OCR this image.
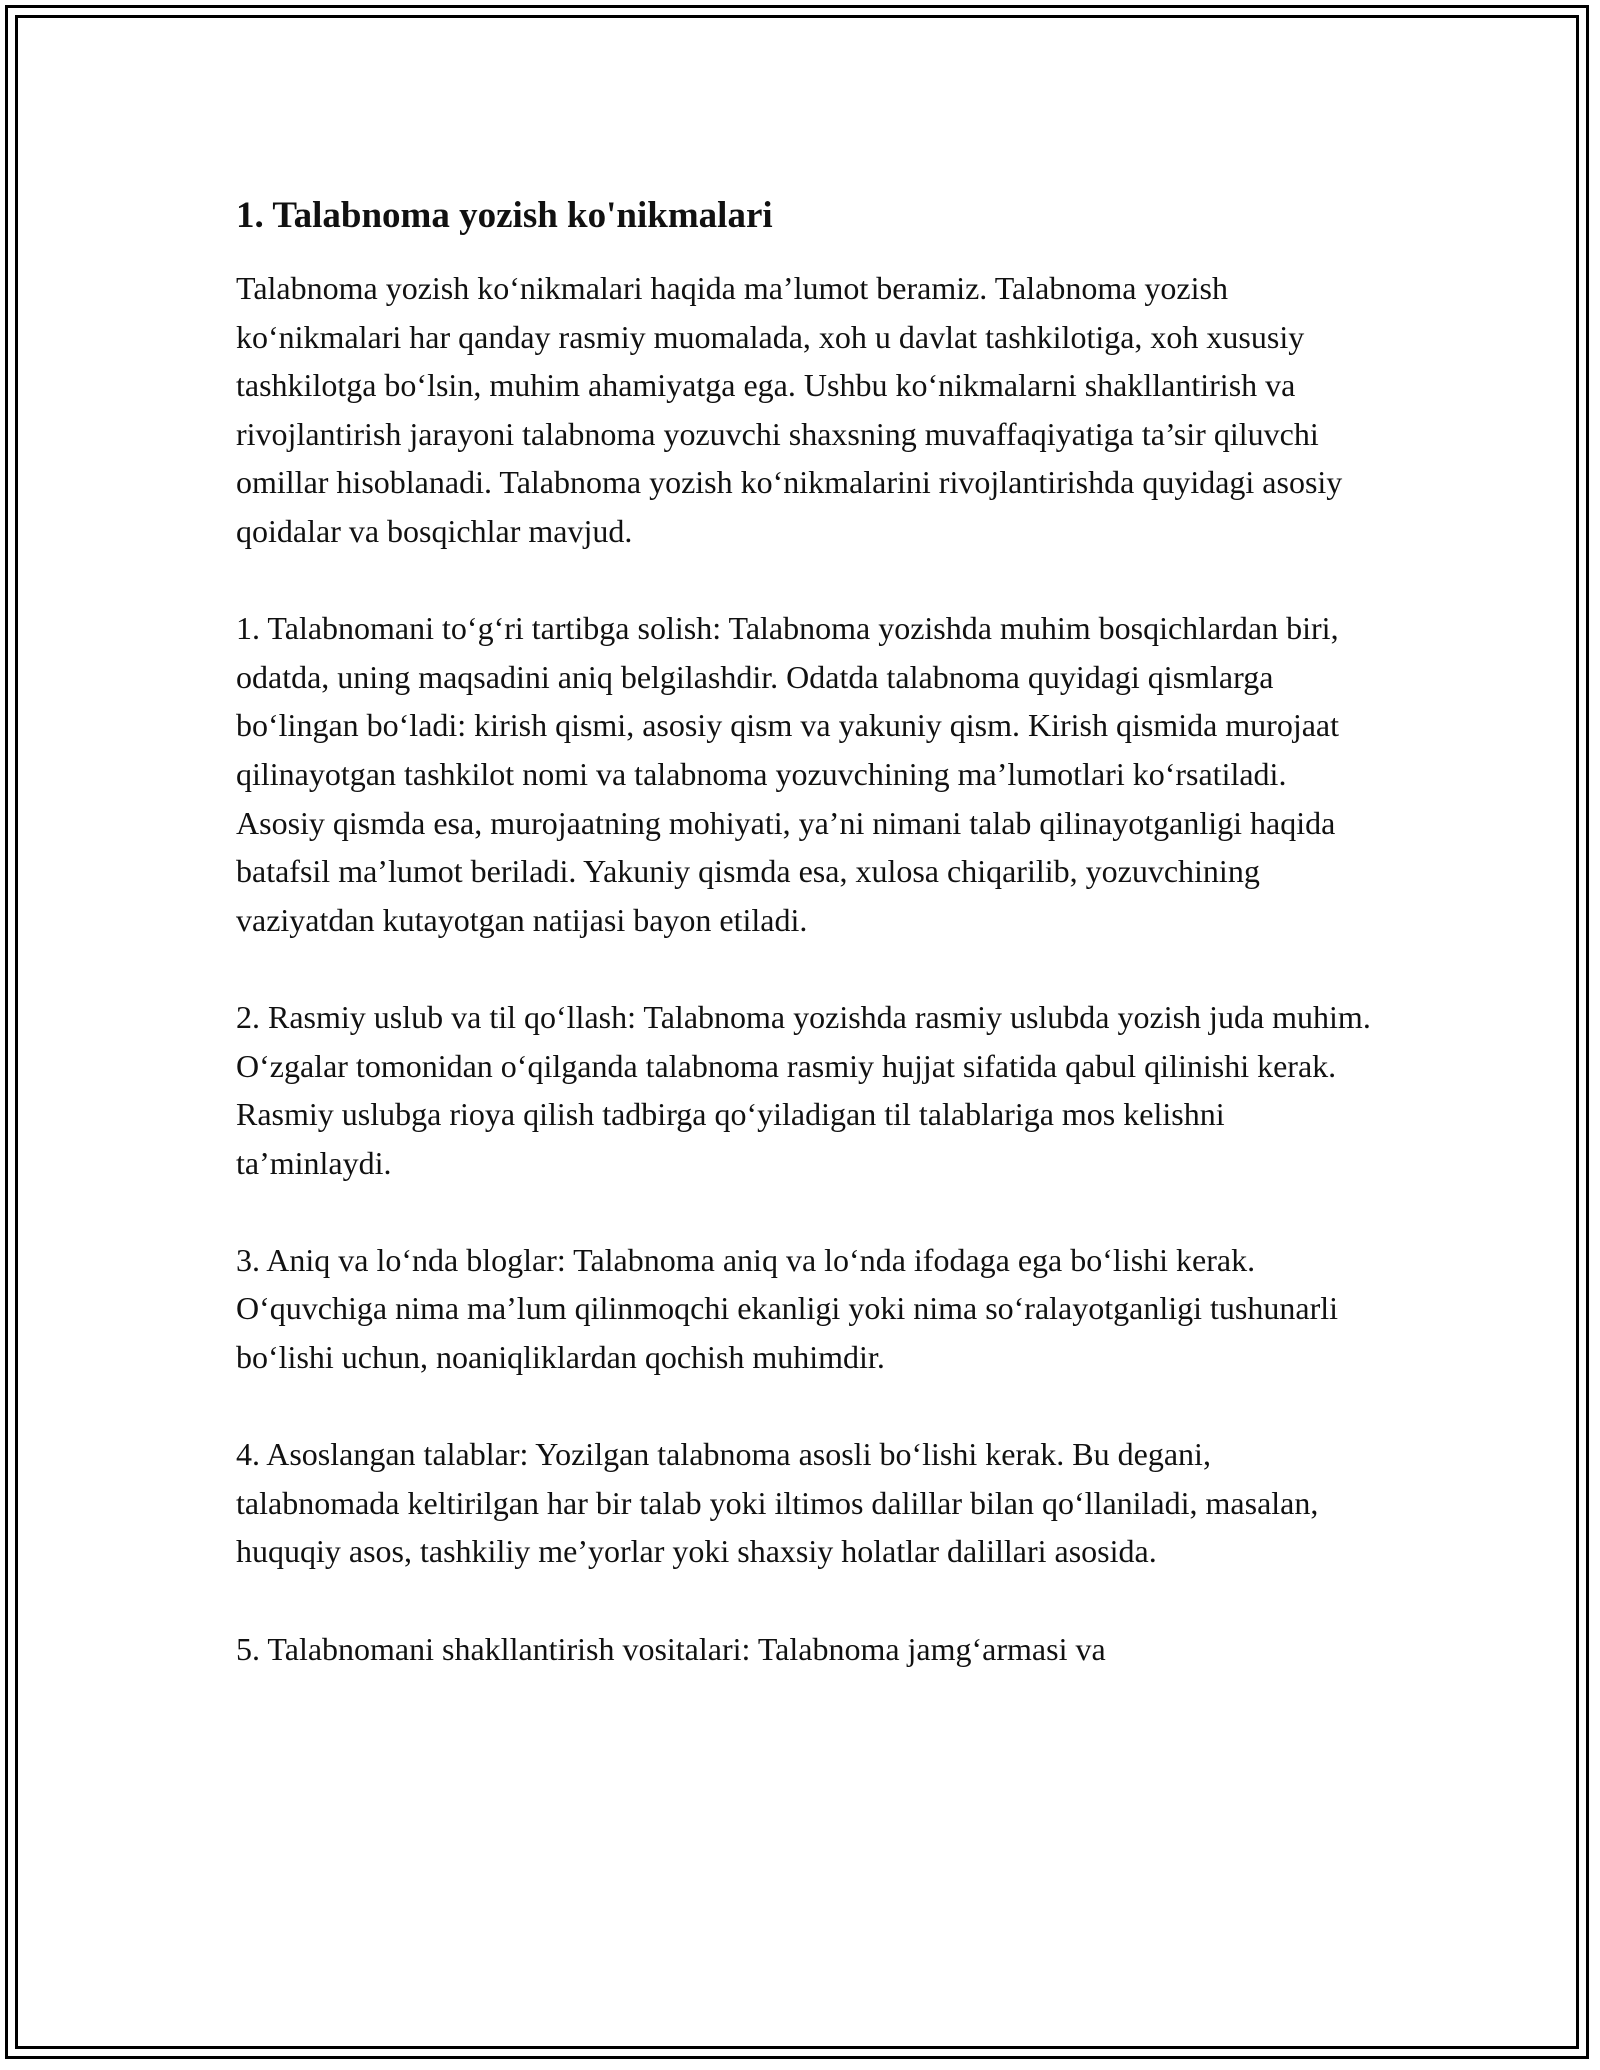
1. Talabnoma yozish ko'nikmalari

Talabnoma yozish ko‘nikmalari haqida ma’lumot beramiz. Talabnoma yozish ko‘nikmalari har qanday rasmiy muomalada, xoh u davlat tashkilotiga, xoh xususiy tashkilotga bo‘lsin, muhim ahamiyatga ega. Ushbu ko‘nikmalarni shakllantirish va rivojlantirish jarayoni talabnoma yozuvchi shaxsning muvaffaqiyatiga ta’sir qiluvchi omillar hisoblanadi. Talabnoma yozish ko‘nikmalarini rivojlantirishda quyidagi asosiy qoidalar va bosqichlar mavjud.

1. Talabnomani to‘g‘ri tartibga solish: Talabnoma yozishda muhim bosqichlardan biri, odatda, uning maqsadini aniq belgilashdir. Odatda talabnoma quyidagi qismlarga bo‘lingan bo‘ladi: kirish qismi, asosiy qism va yakuniy qism. Kirish qismida murojaat qilinayotgan tashkilot nomi va talabnoma yozuvchining ma’lumotlari ko‘rsatiladi. Asosiy qismda esa, murojaatning mohiyati, ya’ni nimani talab qilinayotganligi haqida batafsil ma’lumot beriladi. Yakuniy qismda esa, xulosa chiqarilib, yozuvchining vaziyatdan kutayotgan natijasi bayon etiladi.

2. Rasmiy uslub va til qo‘llash: Talabnoma yozishda rasmiy uslubda yozish juda muhim. O‘zgalar tomonidan o‘qilganda talabnoma rasmiy hujjat sifatida qabul qilinishi kerak. Rasmiy uslubga rioya qilish tadbirga qo‘yiladigan til talablariga mos kelishni ta’minlaydi.

3. Aniq va lo‘nda bloglar: Talabnoma aniq va lo‘nda ifodaga ega bo‘lishi kerak. O‘quvchiga nima ma’lum qilinmoqchi ekanligi yoki nima so‘ralayotganligi tushunarli bo‘lishi uchun, noaniqliklardan qochish muhimdir.

4. Asoslangan talablar: Yozilgan talabnoma asosli bo‘lishi kerak. Bu degani, talabnomada keltirilgan har bir talab yoki iltimos dalillar bilan qo‘llaniladi, masalan, huquqiy asos, tashkiliy me’yorlar yoki shaxsiy holatlar dalillari asosida.

5. Talabnomani shakllantirish vositalari: Talabnoma jamg‘armasi va
